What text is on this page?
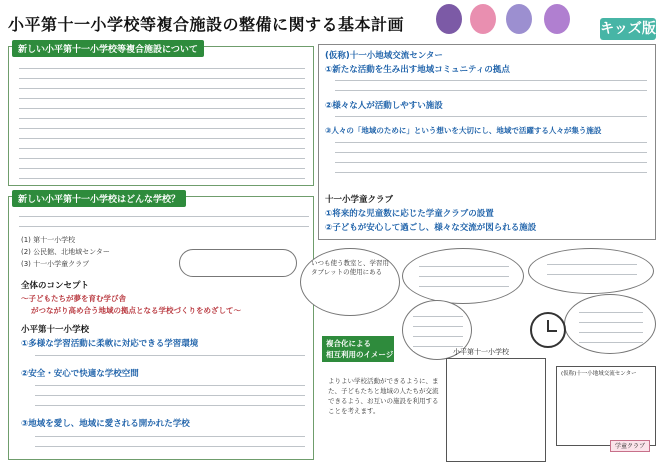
小平第十一小学校等複合施設の整備に関する基本計画	キッズ版
新しい小平第十一小学校等複合施設について
(1) 第十一小学校
(2) 公民館、北地域センター
(3) 十一小学童クラブ
全体のコンセプト
〜子どもたちが夢を育む学び舎
がつながり高め合う地域の拠点となる学校づくりをめざして〜
小平第十一小学校
①多様な学習活動に柔軟に対応できる学習環境
②安全・安心で快適な学校空間
③地域を愛し、地域に愛される開かれた学校
新しい小平第十一小学校はどんな学校？
(仮称)十一小地域交流センター
①新たな活動を生み出す地域コミュニティの拠点
②様々な人が活動しやすい施設
③人々の「地域のために」という想いを大切にし、地域で活躍する人々が集う施設
十一小学童クラブ
①将来的な児童数に応じた学童クラブの設置
②子どもが安心して過ごし、様々な交流が図られる施設
いつも使う教室と、学習用タブレットの使用にある
複合化による
相互利用のイメージ	小平第十一小学校
(仮称)十一小地域交流センター
学童クラブ
よりよい学校活動ができるように、また、子どもたちと地域の人たちが交流できるよう、お互いの施設を利用することを考えます。
